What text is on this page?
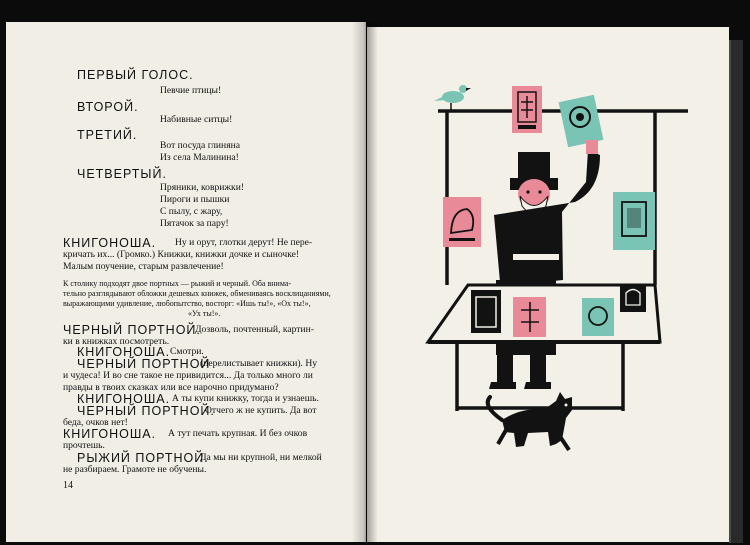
ПЕРВЫЙ ГОЛОС.
Певчие птицы!
ВТОРОЙ.
Набивные ситцы!
ТРЕТИЙ.
Вот посуда глиняна
Из села Малинина!
ЧЕТВЕРТЫЙ.
Пряники, коврижки!
Пироги и пышки
С пылу, с жару,
Пятачок за пару!
КНИГОНОША. Ну и орут, глотки дерут! Не пере-
кричать их... (Громко.) Книжки, книжки дочке и сыночке!
Малым поучение, старым развлечение!
К столику подходят двое портных — рыжий и черный. Оба внима-
тельно разглядывают обложки дешевых книжек, обмениваясь восклицаниями,
выражающими удивление, любопытство, восторг: «Ишь ты!», «Ох ты!»,
«Ух ты!».
ЧЕРНЫЙ ПОРТНОЙ.
Дозволь, почтенный, картин-
ки в книжках посмотреть.
КНИГОНОША. Смотри.
ЧЕРНЫЙ ПОРТНОЙ
(перелистывает книжки). Ну
и чудеса! И во сне такое не привидится... Да только много ли
правды в твоих сказках или все нарочно придумано?
КНИГОНОША. А ты купи книжку, тогда и узнаешь.
ЧЕРНЫЙ ПОРТНОЙ.
Отчего ж не купить. Да вот
беда, очков нет!
КНИГОНОША. А тут печать крупная. И без очков
прочтешь.
РЫЖИЙ ПОРТНОЙ.
Да мы ни крупной, ни мелкой
не разбираем. Грамоте не обучены.
14
